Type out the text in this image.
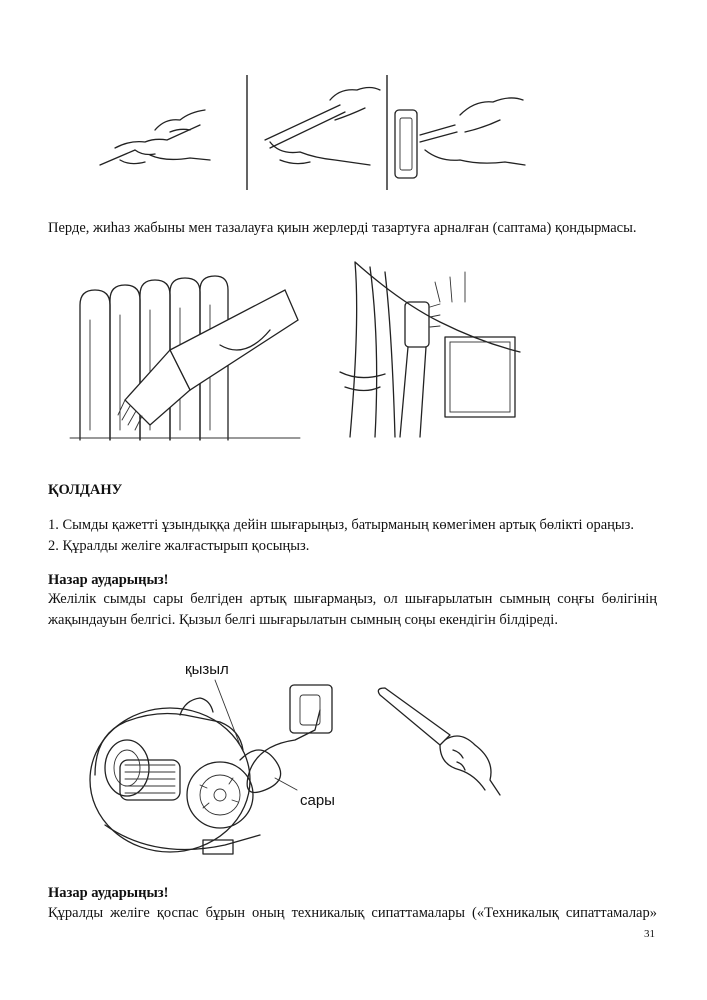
Перде, жиһаз жабыны мен тазалауға қиын жерлерді тазартуға арналған (саптама) қондырмасы.
ҚОЛДАНУ
1. Сымды қажетті ұзындыққа дейін шығарыңыз, батырманың көмегімен артық бөлікті ораңыз.
2. Құралды желіге жалғастырып қосыңыз.
Назар аударыңыз!
Желілік сымды сары белгіден артық шығармаңыз, ол шығарылатын сымның соңғы бөлігінің
жақындауын белгісі. Қызыл белгі шығарылатын сымның соңы екендігін білдіреді.
қызыл
сары
Назар аударыңыз!
Құралды желіге қоспас бұрын оның техникалық сипаттамалары («Техникалық сипаттамалар»
31
